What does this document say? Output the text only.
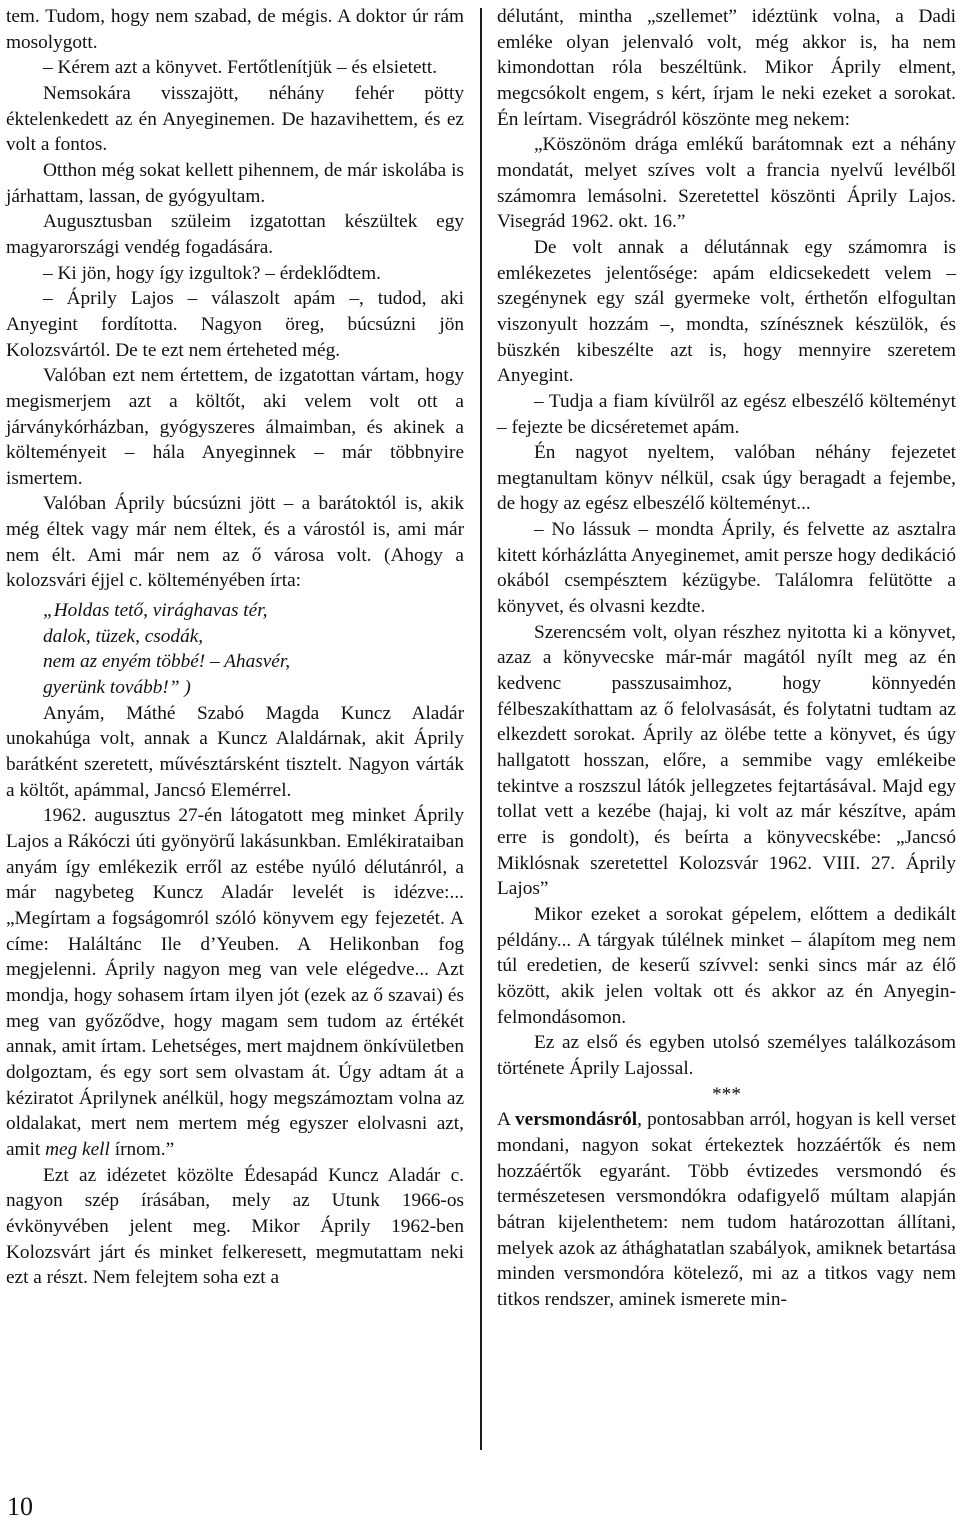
tem. Tudom, hogy nem szabad, de mégis. A doktor úr rám mosolygott.

– Kérem azt a könyvet. Fertőtlenítjük – és elsietett.

Nemsokára visszajött, néhány fehér pötty éktelenkedett az én Anyeginemen. De hazavihettem, és ez volt a fontos.

Otthon még sokat kellett pihennem, de már iskolába is járhattam, lassan, de gyógyultam.

Augusztusban szüleim izgatottan készültek egy magyarországi vendég fogadására.

– Ki jön, hogy így izgultok? – érdeklődtem.

– Áprily Lajos – válaszolt apám –, tudod, aki Anyegint fordította. Nagyon öreg, búcsúzni jön Kolozsvártól. De te ezt nem érteheted még.

Valóban ezt nem értettem, de izgatottan vártam, hogy megismerjem azt a költőt, aki velem volt ott a járványkórházban, gyógyszeres álmaimban, és akinek a költeményeit – hála Anyeginnek – már többnyire ismertem.

Valóban Áprily búcsúzni jött – a barátoktól is, akik még éltek vagy már nem éltek, és a várostól is, ami már nem élt. Ami már nem az ő városa volt. (Ahogy a kolozsvári éjjel c. költeményében írta:

„Holdas tető, virághavas tér,
dalok, tüzek, csodák,
nem az enyém többé! – Ahasvér,
gyerünk tovább!” )

Anyám, Máthé Szabó Magda Kuncz Aladár unokahúga volt, annak a Kuncz Alaldárnak, akit Áprily barátként szeretett, művésztársként tisztelt. Nagyon várták a költőt, apámmal, Jancsó Elemérrel.

1962. augusztus 27-én látogatott meg minket Áprily Lajos a Rákóczi úti gyönyörű lakásunkban. Emlékirataiban anyám így emlékezik erről az estébe nyúló délutánról, a már nagybeteg Kuncz Aladár levelét is idézve:... „Megírtam a fogságomról szóló könyvem egy fejezetét. A címe: Haláltánc Ile d’Yeuben. A Helikonban fog megjelenni. Áprily nagyon meg van vele elégedve... Azt mondja, hogy sohasem írtam ilyen jót (ezek az ő szavai) és meg van győződve, hogy magam sem tudom az értékét annak, amit írtam. Lehetséges, mert majdnem önkívületben dolgoztam, és egy sort sem olvastam át. Úgy adtam át a kéziratot Áprilynek anélkül, hogy megszámoztam volna az oldalakat, mert nem mertem még egyszer elolvasni azt, amit meg kell írnom.”

Ezt az idézetet közölte Édesapád Kuncz Aladár c. nagyon szép írásában, mely az Utunk 1966-os évkönyvében jelent meg. Mikor Áprily 1962-ben Kolozsvárt járt és minket felkeresett, megmutattam neki ezt a részt. Nem felejtem soha ezt a

délutánt, mintha „szellemet” idéztünk volna, a Dadi emléke olyan jelenvaló volt, még akkor is, ha nem kimondottan róla beszéltünk. Mikor Áprily elment, megcsókolt engem, s kért, írjam le neki ezeket a sorokat. Én leírtam. Visegrádról köszönte meg nekem:

„Köszönöm drága emlékű barátomnak ezt a néhány mondatát, melyet szíves volt a francia nyelvű levélből számomra lemásolni. Szeretettel köszönti Áprily Lajos. Visegrád 1962. okt. 16.”

De volt annak a délutánnak egy számomra is emlékezetes jelentősége: apám eldicsekedett velem – szegénynek egy szál gyermeke volt, érthetőn elfogultan viszonyult hozzám –, mondta, színésznek készülök, és büszkén kibeszélte azt is, hogy mennyire szeretem Anyegint.

– Tudja a fiam kívülről az egész elbeszélő költeményt – fejezte be dicséretemet apám.

Én nagyot nyeltem, valóban néhány fejezetet megtanultam könyv nélkül, csak úgy beragadt a fejembe, de hogy az egész elbeszélő költeményt...

– No lássuk – mondta Áprily, és felvette az asztalra kitett kórházlátta Anyeginemet, amit persze hogy dedikáció okából csempésztem kézügybe. Találomra felütötte a könyvet, és olvasni kezdte.

Szerencsém volt, olyan részhez nyitotta ki a könyvet, azaz a könyvecske már-már magától nyílt meg az én kedvenc passzusaimhoz, hogy könnyedén félbeszakíthattam az ő felolvasását, és folytatni tudtam az elkezdett sorokat. Áprily az ölébe tette a könyvet, és úgy hallgatott hosszan, előre, a semmibe vagy emlékeibe tekintve a roszszul látók jellegzetes fejtartásával. Majd egy tollat vett a kezébe (hajaj, ki volt az már készítve, apám erre is gondolt), és beírta a könyvecskébe: „Jancsó Miklósnak szeretettel Kolozsvár 1962. VIII. 27. Áprily Lajos”

Mikor ezeket a sorokat gépelem, előttem a dedikált példány... A tárgyak túlélnek minket – álapítom meg nem túl eredetien, de keserű szívvel: senki sincs már az élő között, akik jelen voltak ott és akkor az én Anyegin-felmondásomon.

Ez az első és egyben utolsó személyes találkozásom története Áprily Lajossal.

***

A versmondásról, pontosabban arról, hogyan is kell verset mondani, nagyon sokat értekeztek hozzáértők és nem hozzáértők egyaránt. Több évtizedes versmondó és természetesen versmondókra odafigyelő múltam alapján bátran kijelenthetem: nem tudom határozottan állítani, melyek azok az áthághatatlan szabályok, amiknek betartása minden versmondóra kötelező, mi az a titkos vagy nem titkos rendszer, aminek ismerete min-

10
